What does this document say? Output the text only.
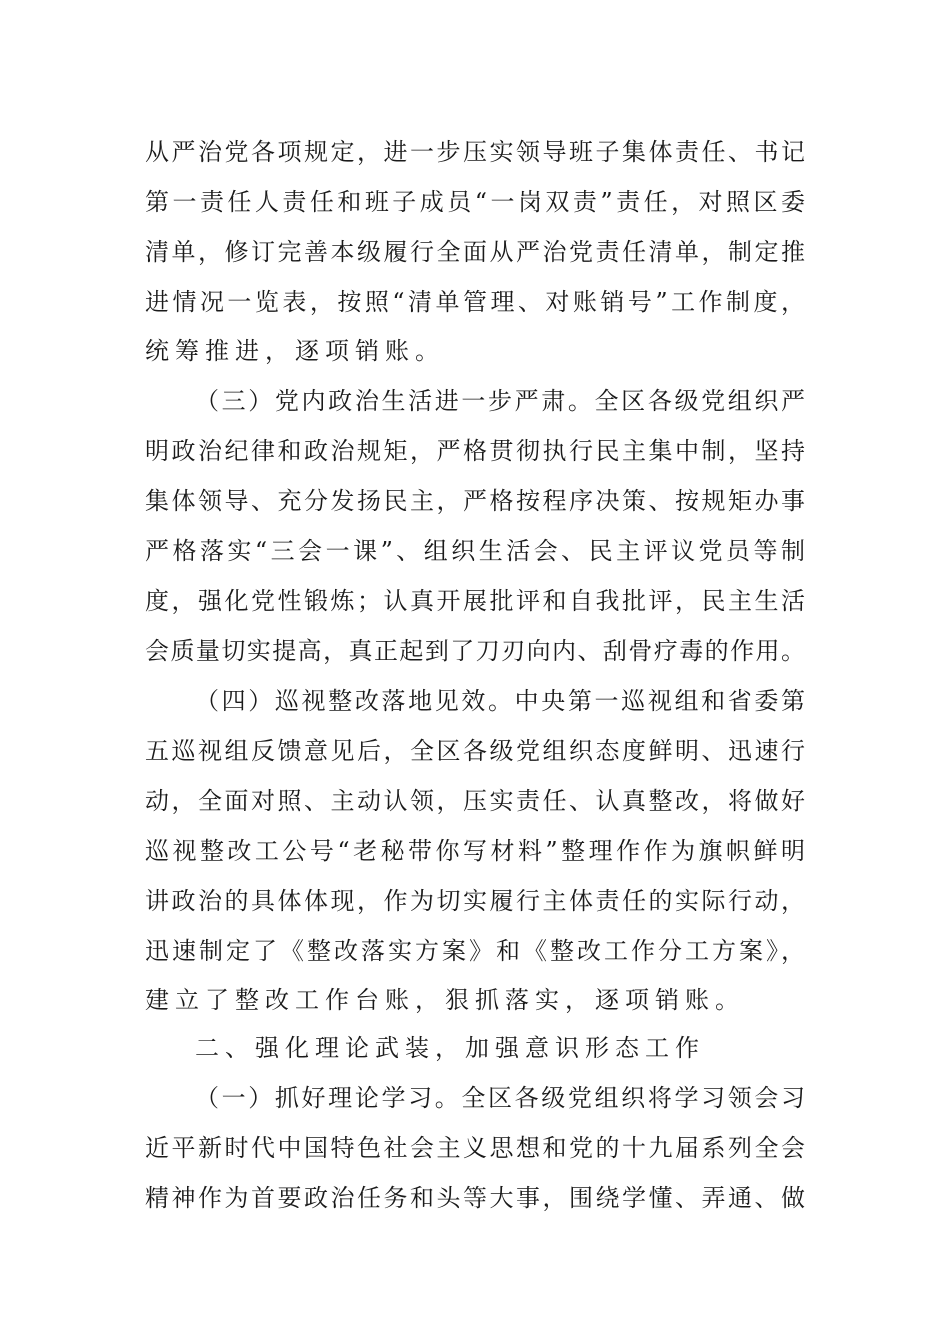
从严治党各项规定，进一步压实领导班子集体责任、书记
第一责任人责任和班子成员“一岗双责”责任，对照区委
清单，修订完善本级履行全面从严治党责任清单，制定推
进情况一览表，按照“清单管理、对账销号”工作制度，
统筹推进，逐项销账。
（三）党内政治生活进一步严肃。全区各级党组织严
明政治纪律和政治规矩，严格贯彻执行民主集中制，坚持
集体领导、充分发扬民主，严格按程序决策、按规矩办事
严格落实“三会一课”、组织生活会、民主评议党员等制
度，强化党性锻炼；认真开展批评和自我批评，民主生活
会质量切实提高，真正起到了刀刃向内、刮骨疗毒的作用。
（四）巡视整改落地见效。中央第一巡视组和省委第
五巡视组反馈意见后，全区各级党组织态度鲜明、迅速行
动，全面对照、主动认领，压实责任、认真整改，将做好
巡视整改工公号“老秘带你写材料”整理作作为旗帜鲜明
讲政治的具体体现，作为切实履行主体责任的实际行动，
迅速制定了《整改落实方案》和《整改工作分工方案》，
建立了整改工作台账，狠抓落实，逐项销账。
二、强化理论武装，加强意识形态工作
（一）抓好理论学习。全区各级党组织将学习领会习
近平新时代中国特色社会主义思想和党的十九届系列全会
精神作为首要政治任务和头等大事，围绕学懂、弄通、做
